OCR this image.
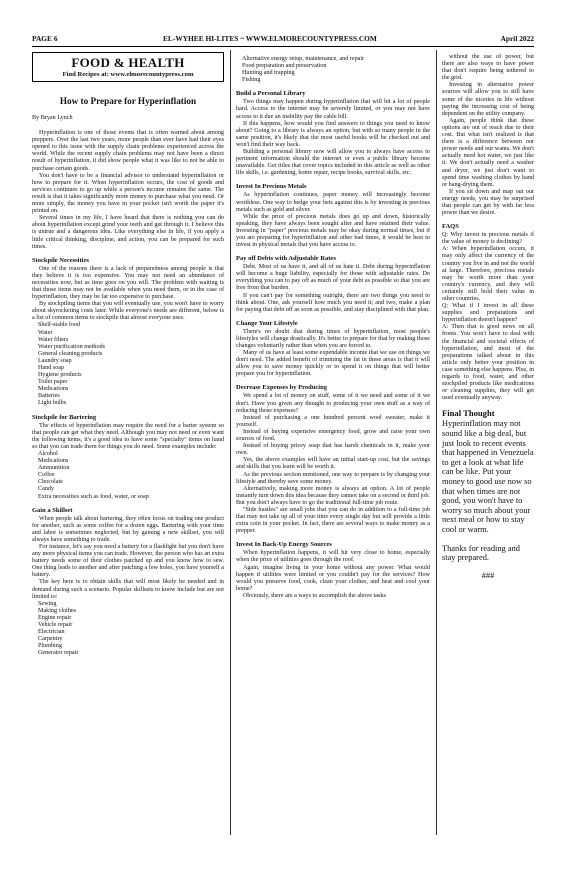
PAGE 6	EL-WYHEE HI-LITES ~ WWW.ELMORECOUNTYPRESS.COM	April 2022
FOOD & HEALTH
Find Recipes at: www.elmorecountypress.com
How to Prepare for Hyperinflation
By Bryan Lynch

Hyperinflation is one of those events that is often warned about among preppers. Over the last two years, more people than ever have had their eyes opened to this issue with the supply chain problems experienced across the world. While the recent supply chain problems may not have been a direct result of hyperinflation, it did show people what it was like to not be able to purchase certain goods.

You don't have to be a financial advisor to understand hyperinflation or how to prepare for it. When hyperinflation occurs, the cost of goods and services continues to go up while a person's income remains the same. The result is that it takes significantly more money to purchase what you need. Or more simply, the money you have in your pocket isn't worth the paper it's printed on.

Several times in my life, I have heard that there is nothing you can do about hyperinflation except grind your teeth and get through it. I believe this is untrue and a dangerous idea. Like everything else in life, if you apply a little critical thinking, discipline, and action, you can be prepared for such times.

Stockpile Necessities

One of the reasons there is a lack of preparedness among people is that they believe it is too expensive. You may not need an abundance of necessities now, but as time goes on you will. The problem with waiting is that those items may not be available when you need them, or in the case of hyperinflation, they may be far too expensive to purchase.

By stockpiling items that you will eventually use, you won't have to worry about skyrocketing costs later. While everyone's needs are different, below is a list of common items to stockpile that almost everyone uses.

Shelf-stable food
Water
Water filters
Water purification methods
General cleaning products
Laundry soap
Hand soap
Hygiene products
Toilet paper
Medications
Batteries
Light bulbs
Stockpile for Bartering

The effects of hyperinflation may require the need for a barter system so that people can get what they need. Although you may not need or even want the following items, it's a good idea to have some "specialty" items on hand so that you can trade them for things you do need. Some examples include:

Alcohol
Medications
Ammunition
Coffee
Chocolate
Candy
Extra necessities such as food, water, or soap
Gain a Skillset

When people talk about bartering, they often focus on trading one product for another, such as some coffee for a dozen eggs. Bartering with your time and labor is sometimes neglected, but by gaining a new skillset, you will always have something to trade.

For instance, let's say you need a battery for a flashlight but you don't have any more physical items you can trade. However, the person who has an extra battery needs some of their clothes patched up and you know how to sew. One thing leads to another and after patching a few holes, you have yourself a battery.

The key here is to obtain skills that will most likely be needed and in demand during such a scenario. Popular skillsets to know include but are not limited to:

Sewing
Making clothes
Engine repair
Vehicle repair
Electrician
Carpentry
Plumbing
Generator repair
Alternative energy setup, maintenance, and repair
Food preparation and preservation
Hunting and trapping
Fishing
Build a Personal Library

Two things may happen during hyperinflation that will hit a lot of people hard. Access to the internet may be severely limited, or you may not have access to it due an inability pay the cable bill.

If this happens, how would you find answers to things you need to know about? Going to a library is always an option, but with so many people in the same position, it's likely that the most useful books will be checked out and won't find their way back.

Building a personal library now will allow you to always have access to pertinent information should the internet or even a public library become unavailable. Get titles that cover topics included in this article as well as other life skills, i.e. gardening, home repair, recipe books, survival skills, etc.

Invest In Precious Metals

As hyperinflation continues, paper money will increasingly become worthless. One way to hedge your bets against this is by investing in precious metals such as gold and silver.

While the price of precious metals does go up and down, historically speaking, they have always been sought after and have retained their value. Investing in "paper" precious metals may be okay during normal times, but if you are preparing for hyperinflation and other bad times, it would be best to invest in physical metals that you have access to.

Pay off Debts with Adjustable Rates

Debt. Most of us have it, and all of us hate it. Debt during hyperinflation will become a huge liability, especially for those with adjustable rates. Do everything you can to pay off as much of your debt as possible so that you are free from that burden.

If you can't pay for something outright, there are two things you need to think about. One, ask yourself how much you need it; and two, make a plan for paying that debt off as soon as possible, and stay disciplined with that plan.

Change Your Lifestyle

There's no doubt that during times of hyperinflation, most people's lifestyles will change drastically. It's better to prepare for that by making those changes voluntarily rather than when you are forced to.

Many of us have at least some expendable income that we use on things we don't need. The added benefit of trimming the fat in these areas is that it will allow you to save money quickly or to spend it on things that will better prepare you for hyperinflation.

Decrease Expenses by Producing

We spend a lot of money on stuff, some of it we need and some of it we don't. Have you given any thought to producing your own stuff as a way of reducing those expenses?

Instead of purchasing a one hundred percent wool sweater, make it yourself.

Instead of buying expensive emergency food, grow and raise your own sources of food.

Instead of buying pricey soap that has harsh chemicals in it, make your own.

Yes, the above examples will have an initial start-up cost, but the savings and skills that you learn will be worth it.

As the previous section mentioned, one way to prepare is by changing your lifestyle and thereby save some money.

Alternatively, making more money is always an option. A lot of people instantly turn down this idea because they cannot take on a second or third job. But you don't always have to go the traditional full-time job route.

"Side hustles" are small jobs that you can do in addition to a full-time job that may not take up all of your time every single day but will provide a little extra coin in your pocket. In fact, there are several ways to make money as a prepper.

Invest In Back-Up Energy Sources

When hyperinflation happens, it will hit very close to home, especially when the price of utilities goes through the roof.

Again, imagine living in your home without any power. What would happen if utilities were limited or you couldn't pay for the services? How would you preserve food, cook, clean your clothes, and heat and cool your home?

Obviously, there are a ways to accomplish the above tasks

without the use of power, but there are also ways to have power that don't require being tethered to the grid.

Investing in alternative power sources will allow you to still have some of the niceties in life without paying the increasing cost of being dependent on the utility company.

Again, people think that these options are out of reach due to their cost. But what isn't realized is that there is a difference between our power needs and our wants. We don't actually need hot water, we just like it. We don't actually need a washer and dryer, we just don't want to spend time washing clothes by hand or hang-drying them.

If you sit down and map out our energy needs, you may be surprised that people can get by with far less power than we desire.

FAQS

Q: Why invest in precious metals if the value of money is declining?

A: When hyperinflation occurs, it may only affect the currency of the country you live in and not the world at large. Therefore, precious metals may be worth more than your country's currency, and they will certainly still hold their value in other countries.

Q: What if I invest in all these supplies and preparations and hyperinflation doesn't happen?

A: Then that is good news on all fronts. You won't have to deal with the financial and societal effects of hyperinflation, and most of the preparations talked about in this article only better your position in case something else happens. Plus, in regards to food, water, and other stockpiled products like medications or cleaning supplies, they will get used eventually anyway.

Final Thought

Hyperinflation may not sound like a big deal, but just look to recent events that happened in Venezuela to get a look at what life can be like. Put your money to good use now so that when times are not good, you won't have to worry so much about your next meal or how to stay cool or warm.

Thanks for reading and stay prepared.

###
